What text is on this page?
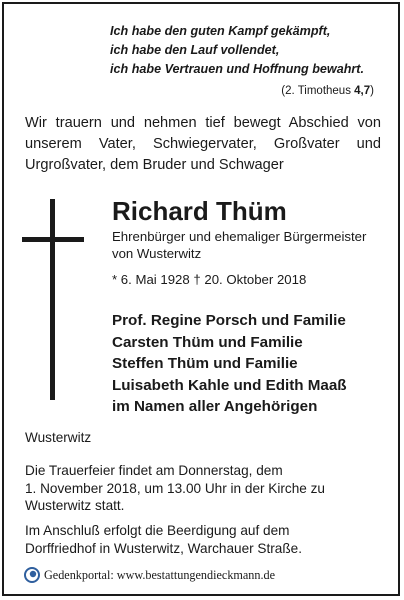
Ich habe den guten Kampf gekämpft,
ich habe den Lauf vollendet,
ich habe Vertrauen und Hoffnung bewahrt.
(2. Timotheus 4,7)
Wir trauern und nehmen tief bewegt Abschied von
unserem Vater, Schwiegervater, Großvater und
Urgroßvater, dem Bruder und Schwager
Richard Thüm
Ehrenbürger und ehemaliger Bürgermeister
von Wusterwitz
* 6. Mai 1928 † 20. Oktober 2018
Prof. Regine Porsch und Familie
Carsten Thüm und Familie
Steffen Thüm und Familie
Luisabeth Kahle und Edith Maaß
im Namen aller Angehörigen
Wusterwitz
Die Trauerfeier findet am Donnerstag, dem
1. November 2018, um 13.00 Uhr in der Kirche zu
Wusterwitz statt.
Im Anschluß erfolgt die Beerdigung auf dem
Dorffriedhof in Wusterwitz, Warchauer Straße.
Gedenkportal: www.bestattungendieckmann.de
